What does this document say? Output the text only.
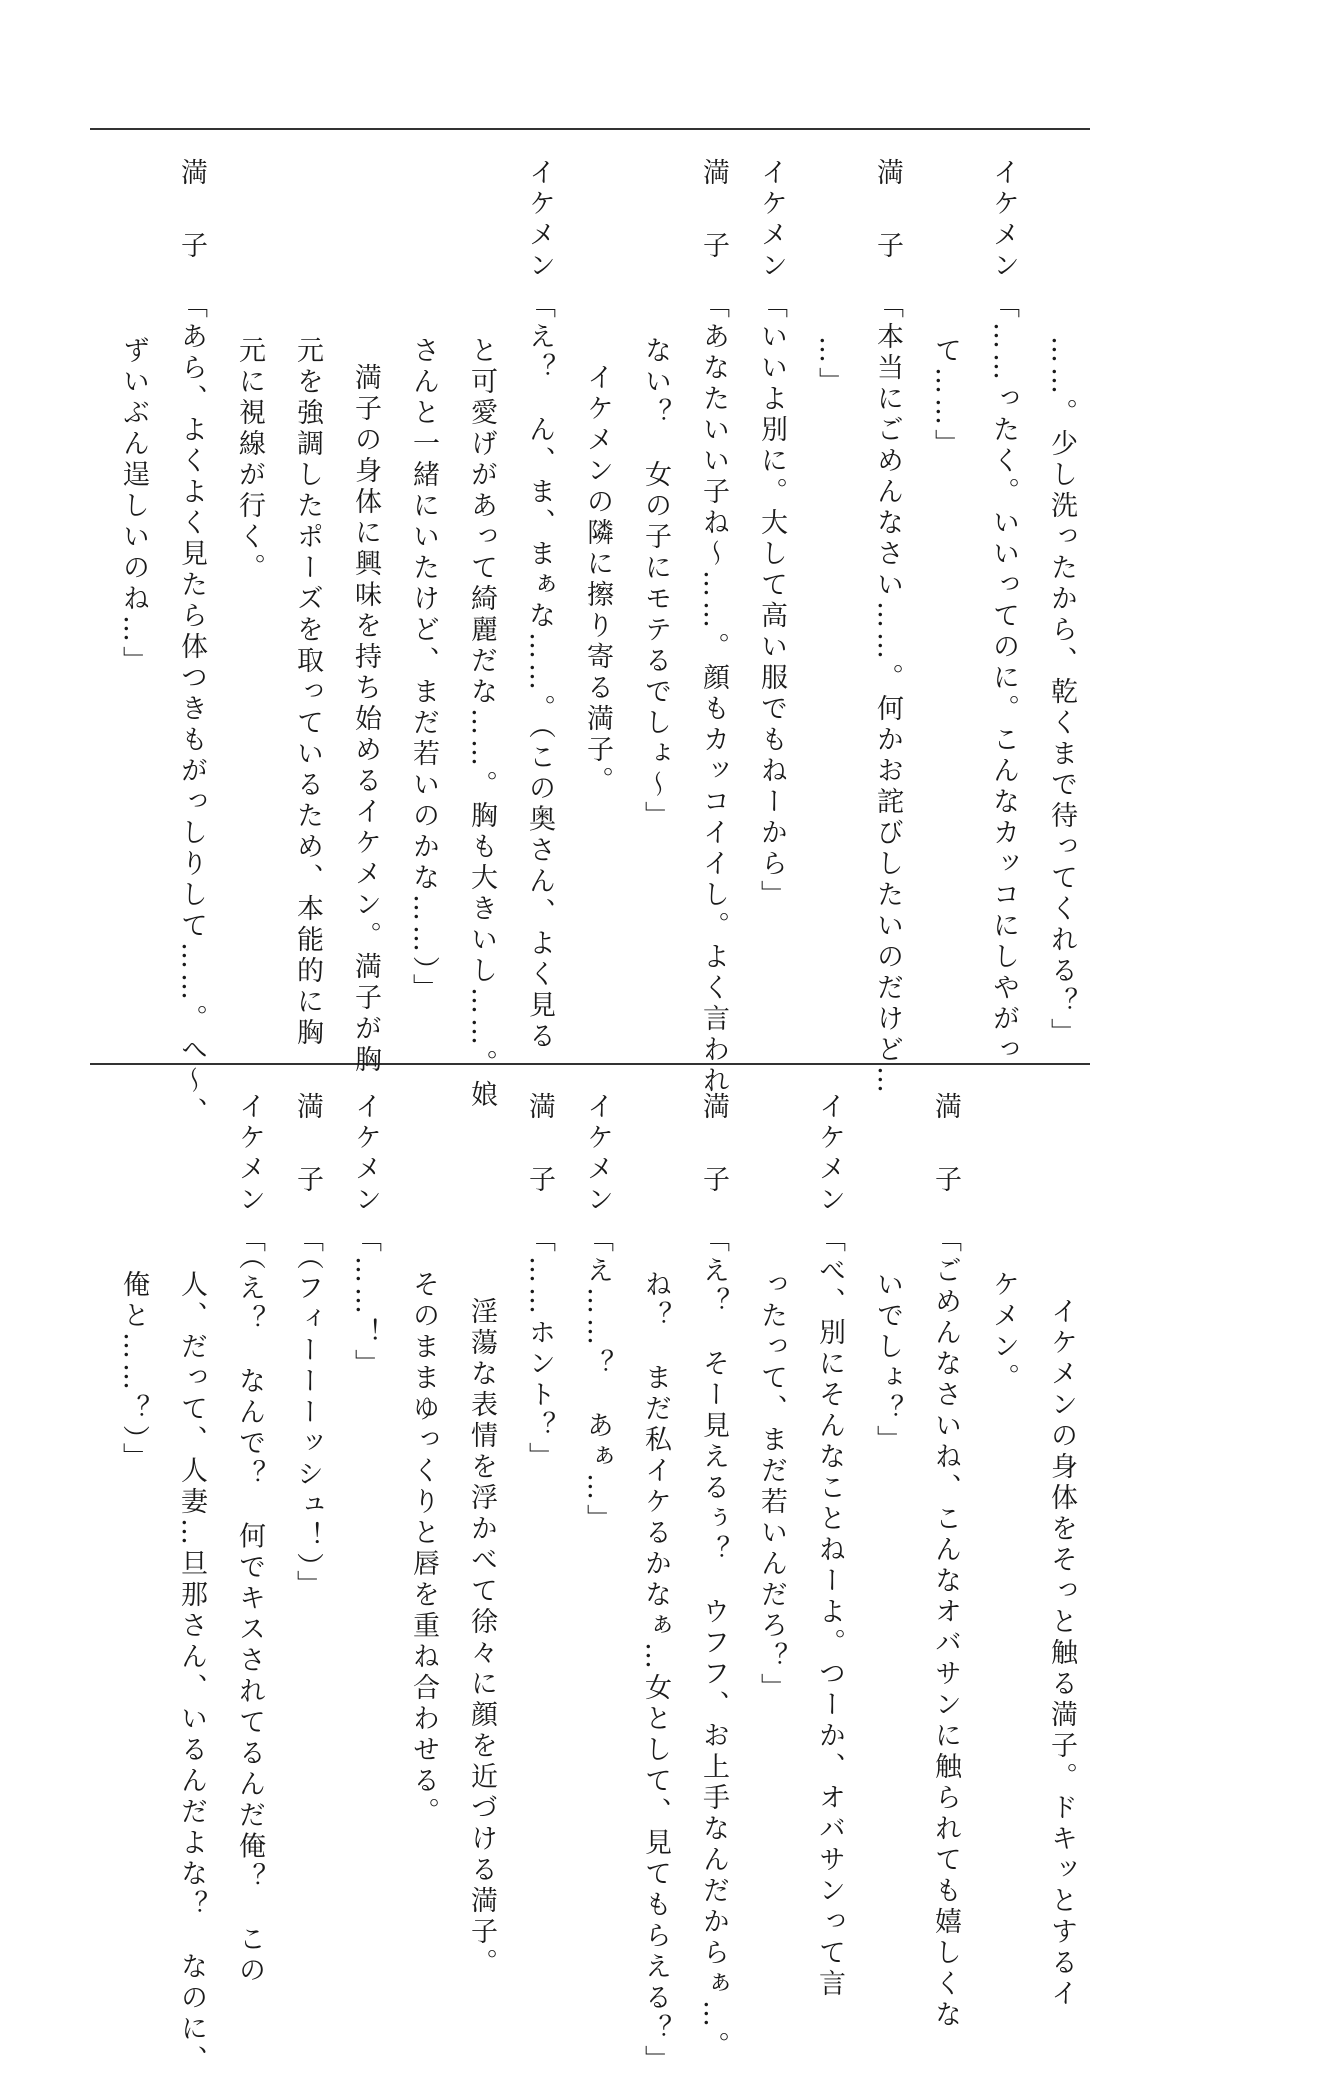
……。少し洗ったから、乾くまで待ってくれる？」
イケメン
「……ったく。いいってのに。こんなカッコにしやがっ
て……」
満子
「本当にごめんなさい……。何かお詫びしたいのだけど…
…」
イケメン
「いいよ別に。大して高い服でもねーから」
満子
「あなたいい子ね～……。顔もカッコイイし。よく言われ
ない？　女の子にモテるでしょ～」
イケメンの隣に擦り寄る満子。
イケメン
「え？　ん、ま、まぁな……。（この奥さん、よく見る
と可愛げがあって綺麗だな……。胸も大きいし……。娘
さんと一緒にいたけど、まだ若いのかな……）」
満子の身体に興味を持ち始めるイケメン。満子が胸
元を強調したポーズを取っているため、本能的に胸
元に視線が行く。
満子
「あら、よくよく見たら体つきもがっしりして……。へ～、
ずいぶん逞しいのね…」
イケメンの身体をそっと触る満子。ドキッとするイ
ケメン。
満子
「ごめんなさいね、こんなオバサンに触られても嬉しくな
いでしょ？」
イケメン
「べ、別にそんなことねーよ。つーか、オバサンって言
ったって、まだ若いんだろ？」
満子
「え？　そー見えるぅ？　ウフフ、お上手なんだからぁ…。
ね？　まだ私イケるかなぁ…女として、見てもらえる？」
イケメン
「え……？　あぁ…」
満子
「……ホント？」
淫蕩な表情を浮かべて徐々に顔を近づける満子。
そのままゆっくりと唇を重ね合わせる。
イケメン
「……！」
満子
「（フィーーーッシュ！）」
イケメン
「（え？　なんで？　何でキスされてるんだ俺？　この
人、だって、人妻…旦那さん、いるんだよな？　なのに、
俺と……？）」
